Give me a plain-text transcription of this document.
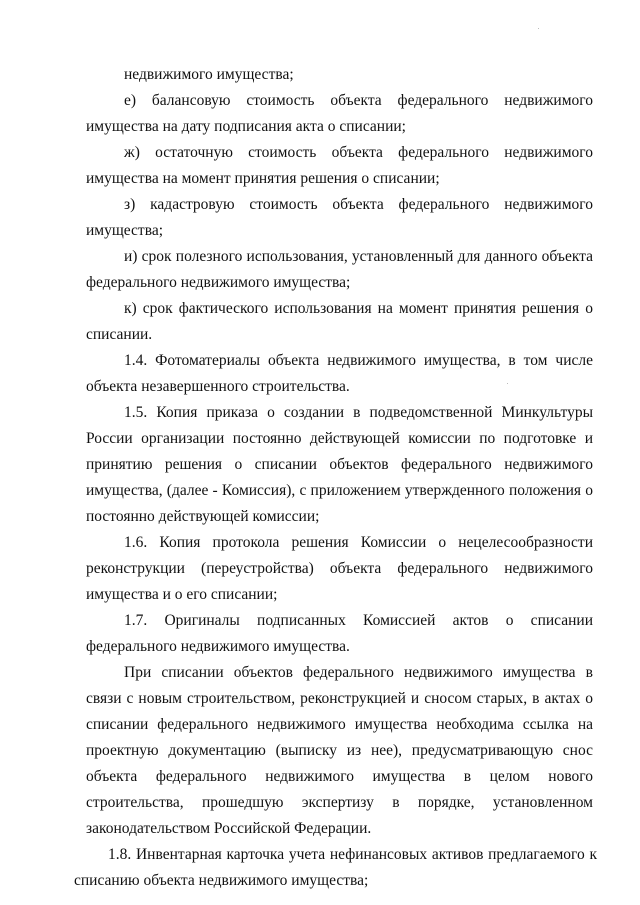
недвижимого имущества;

е) балансовую стоимость объекта федерального недвижимого имущества на дату подписания акта о списании;

ж) остаточную стоимость объекта федерального недвижимого имущества на момент принятия решения о списании;

з) кадастровую стоимость объекта федерального недвижимого имущества;

и) срок полезного использования, установленный для данного объекта федерального недвижимого имущества;

к) срок фактического использования на момент принятия решения о списании.

1.4. Фотоматериалы объекта недвижимого имущества, в том числе объекта незавершенного строительства.

1.5. Копия приказа о создании в подведомственной Минкультуры России организации постоянно действующей комиссии по подготовке и принятию решения о списании объектов федерального недвижимого имущества, (далее - Комиссия), с приложением утвержденного положения о постоянно действующей комиссии;

1.6. Копия протокола решения Комиссии о нецелесообразности реконструкции (переустройства) объекта федерального недвижимого имущества и о его списании;

1.7. Оригиналы подписанных Комиссией актов о списании федерального недвижимого имущества.

При списании объектов федерального недвижимого имущества в связи с новым строительством, реконструкцией и сносом старых, в актах о списании федерального недвижимого имущества необходима ссылка на проектную документацию (выписку из нее), предусматривающую снос объекта федерального недвижимого имущества в целом нового строительства, прошедшую экспертизу в порядке, установленном законодательством Российской Федерации.

1.8. Инвентарная карточка учета нефинансовых активов предлагаемого к списанию объекта недвижимого имущества;
